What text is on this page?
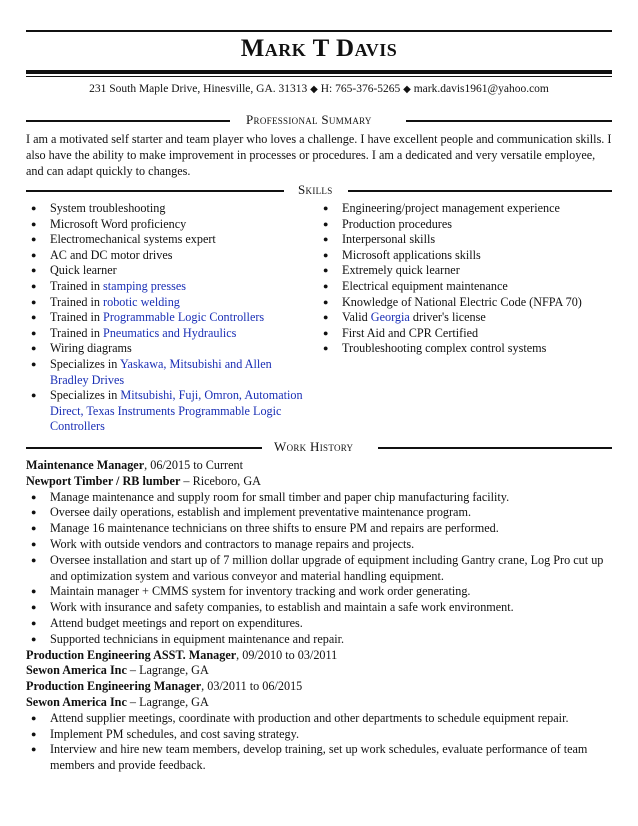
Mark T Davis
231 South Maple Drive, Hinesville, GA. 31313 ◆ H: 765-376-5265 ◆ mark.davis1961@yahoo.com
Professional Summary
I am a motivated self starter and team player who loves a challenge. I have excellent people and communication skills. I also have the ability to make improvement in processes or procedures. I am a dedicated and very versatile employee, and can adapt quickly to changes.
Skills
● System troubleshooting
● Microsoft Word proficiency
● Electromechanical systems expert
● AC and DC motor drives
● Quick learner
● Trained in stamping presses
● Trained in robotic welding
● Trained in Programmable Logic Controllers
● Trained in Pneumatics and Hydraulics
● Wiring diagrams
● Specializes in Yaskawa, Mitsubishi and Allen Bradley Drives
● Specializes in Mitsubishi, Fuji, Omron, Automation Direct, Texas Instruments Programmable Logic Controllers
● Engineering/project management experience
● Production procedures
● Interpersonal skills
● Microsoft applications skills
● Extremely quick learner
● Electrical equipment maintenance
● Knowledge of National Electric Code (NFPA 70)
● Valid Georgia driver's license
● First Aid and CPR Certified
● Troubleshooting complex control systems
Work History
Maintenance Manager, 06/2015 to Current
Newport Timber / RB lumber – Riceboro, GA
● Manage maintenance and supply room for small timber and paper chip manufacturing facility.
● Oversee daily operations, establish and implement preventative maintenance program.
● Manage 16 maintenance technicians on three shifts to ensure PM and repairs are performed.
● Work with outside vendors and contractors to manage repairs and projects.
● Oversee installation and start up of 7 million dollar upgrade of equipment including Gantry crane, Log Pro cut up and optimization system and various conveyor and material handling equipment.
● Maintain manager + CMMS system for inventory tracking and work order generating.
● Work with insurance and safety companies, to establish and maintain a safe work environment.
● Attend budget meetings and report on expenditures.
● Supported technicians in equipment maintenance and repair.
Production Engineering ASST. Manager, 09/2010 to 03/2011
Sewon America Inc – Lagrange, GA
Production Engineering Manager, 03/2011 to 06/2015
Sewon America Inc – Lagrange, GA
● Attend supplier meetings, coordinate with production and other departments to schedule equipment repair.
● Implement PM schedules, and cost saving strategy.
● Interview and hire new team members, develop training, set up work schedules, evaluate performance of team members and provide feedback.
